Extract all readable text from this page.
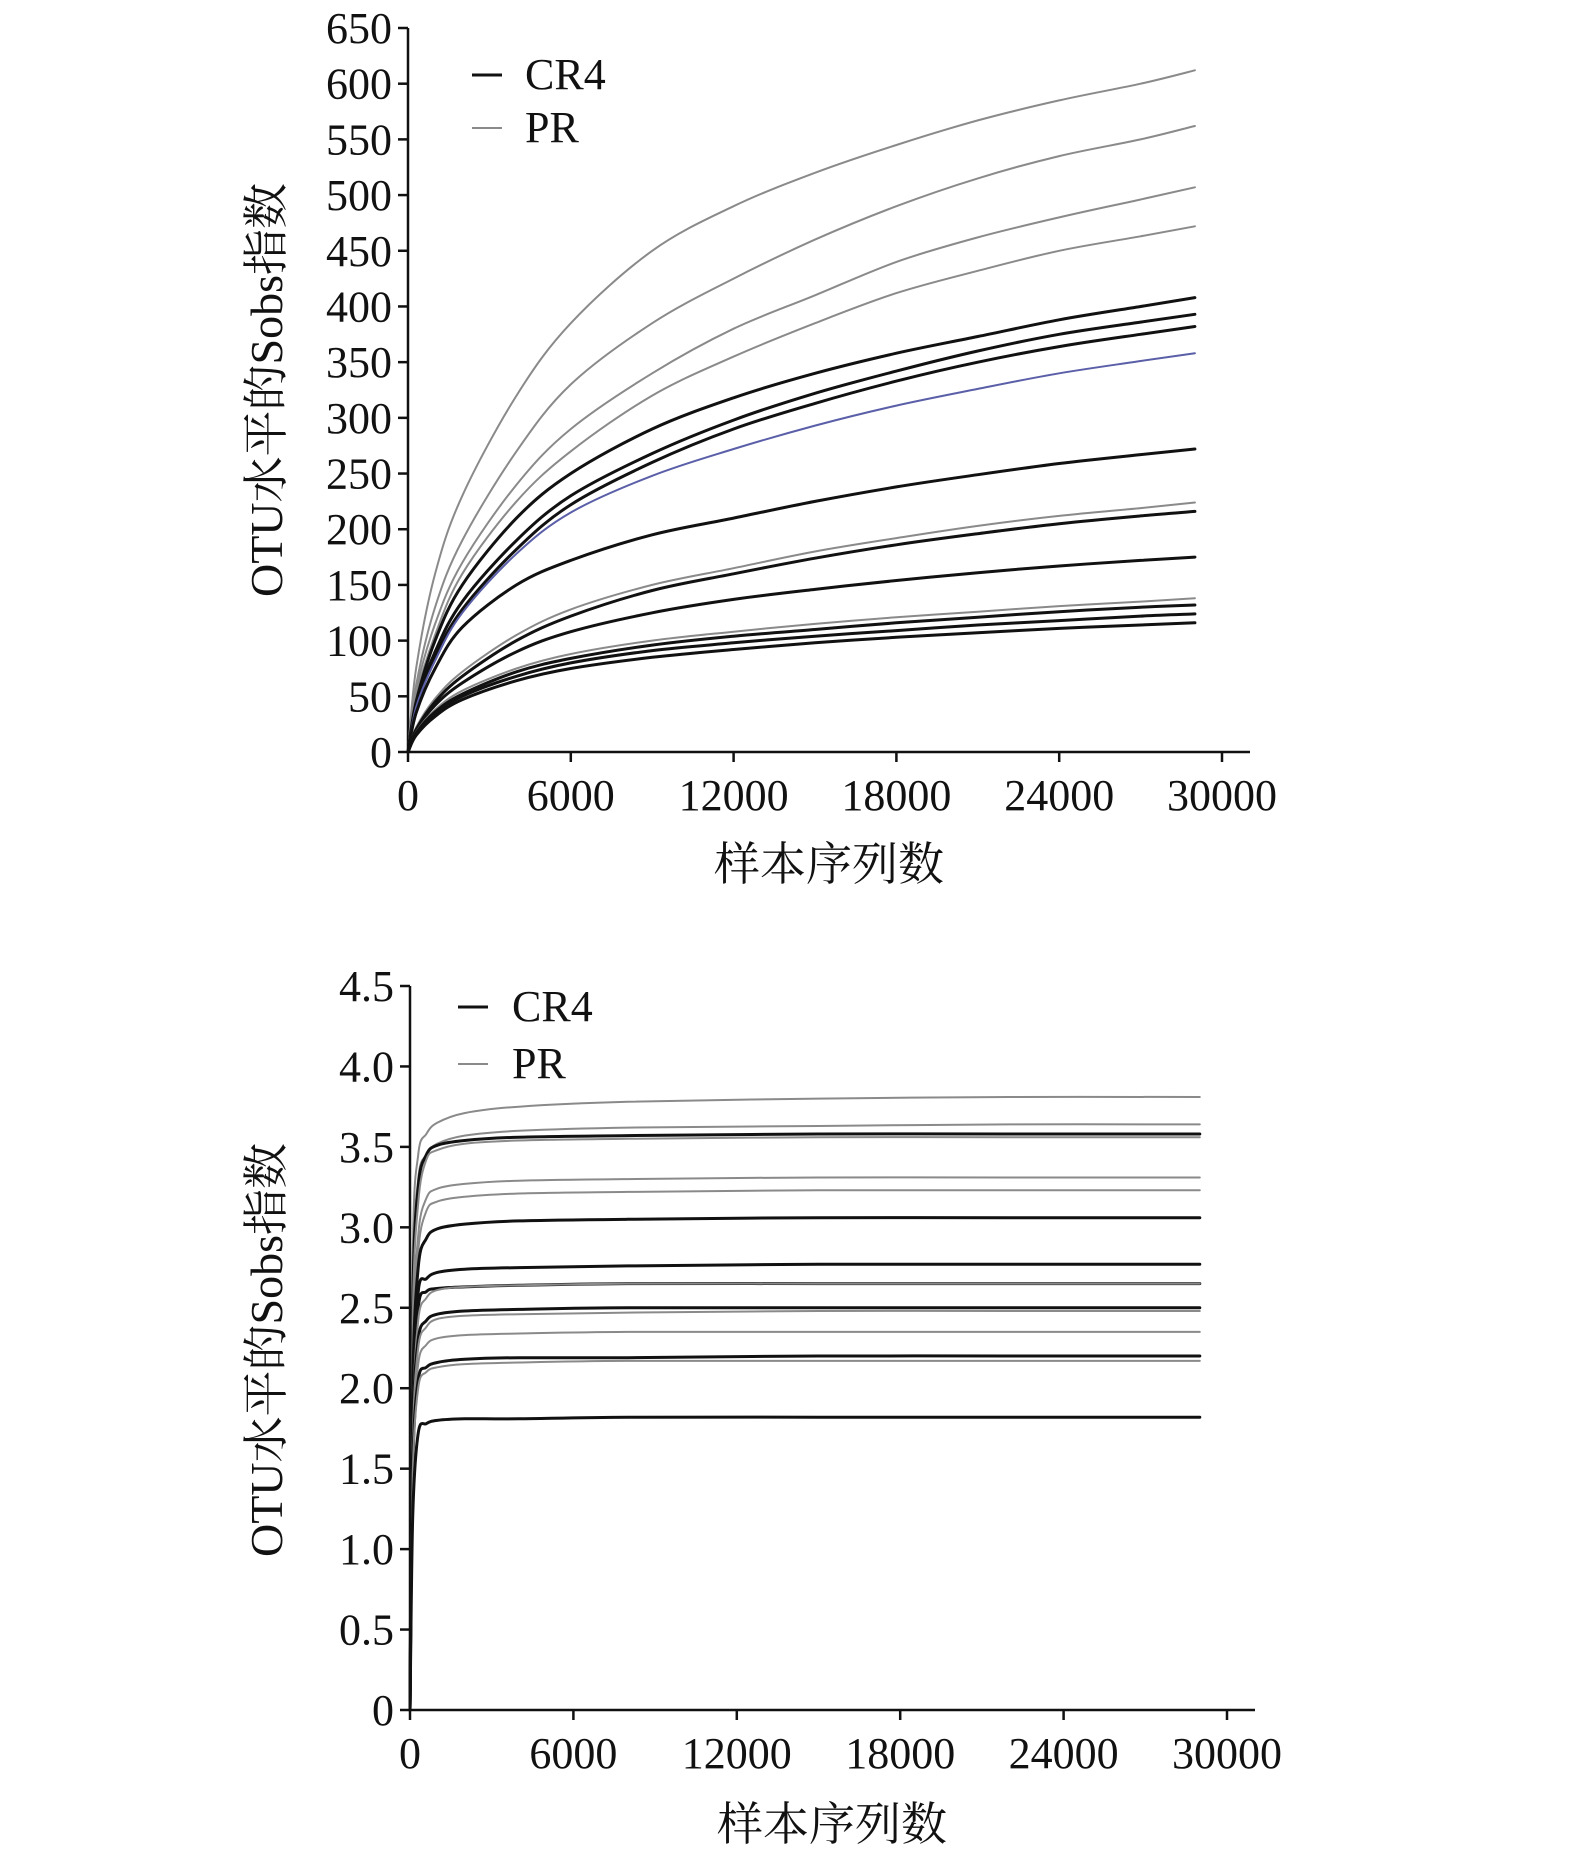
0
50
100
150
200
250
300
350
400
450
500
550
600
650
0 6000 12000 18000 24000 30000
CR4
PR
样本序列数
OTU水平的Sobs指数
0
0.5
1.0
1.5
2.0
2.5
3.0
3.5
4.0
4.5
0 6000 12000 18000 24000 30000
CR4
PR
样本序列数
OTU水平的Sobs指数
